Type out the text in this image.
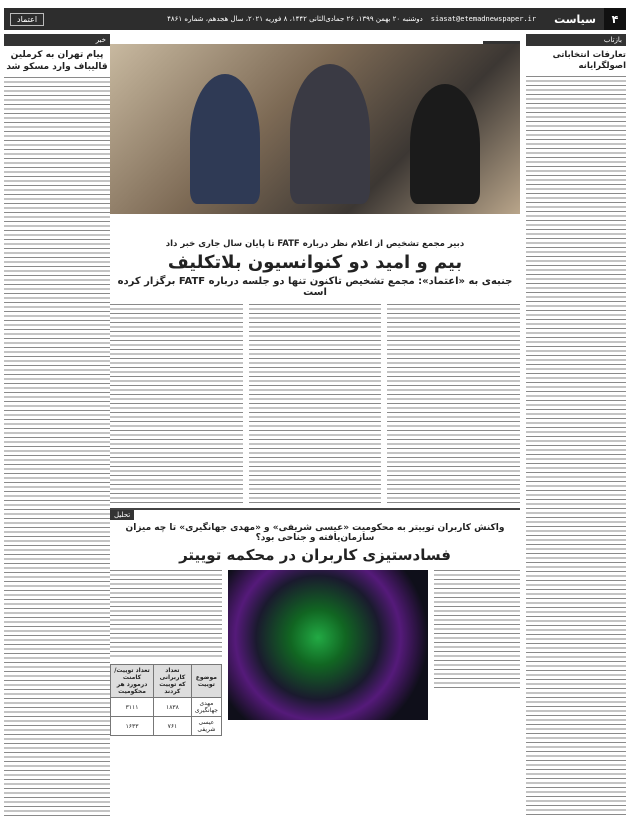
۴
سیاست
siasat@etemadnewspaper.ir
دوشنبه ۲۰ بهمن ۱۳۹۹، ۲۶ جمادی‌الثانی ۱۴۴۲، ۸ فوریه ۲۰۲۱، سال هجدهم، شماره ۴۸۶۱
اعتماد
بازتاب
تعارفات انتخاباتی اصولگرایانه
دبیر مجمع تشخیص از اعلام نظر درباره FATF تا پایان سال جاری خبر داد
بیم و امید دو کنوانسیون بلاتکلیف
جنبه‌ی به «اعتماد»: مجمع تشخیص تاکنون تنها دو جلسه درباره FATF برگزار کرده است
تحلیل
واکنش کاربران توییتر به محکومیت «عیسی شریفی» و «مهدی جهانگیری» تا چه میزان سازمان‌یافته و جناحی بود؟
فسادستیزی کاربران در محکمه توییتر
موضوع توییت	تعداد کاربرانی که توییت کردند	تعداد توییت/کامنت درمورد هر محکومیت
مهدی جهانگیری	۱۸۳۸	۳۱۱۱
عیسی شریفی	۷۶۱	۱۶۳۳
خبر
پیام تهران به کرملین قالیباف وارد مسکو شد
